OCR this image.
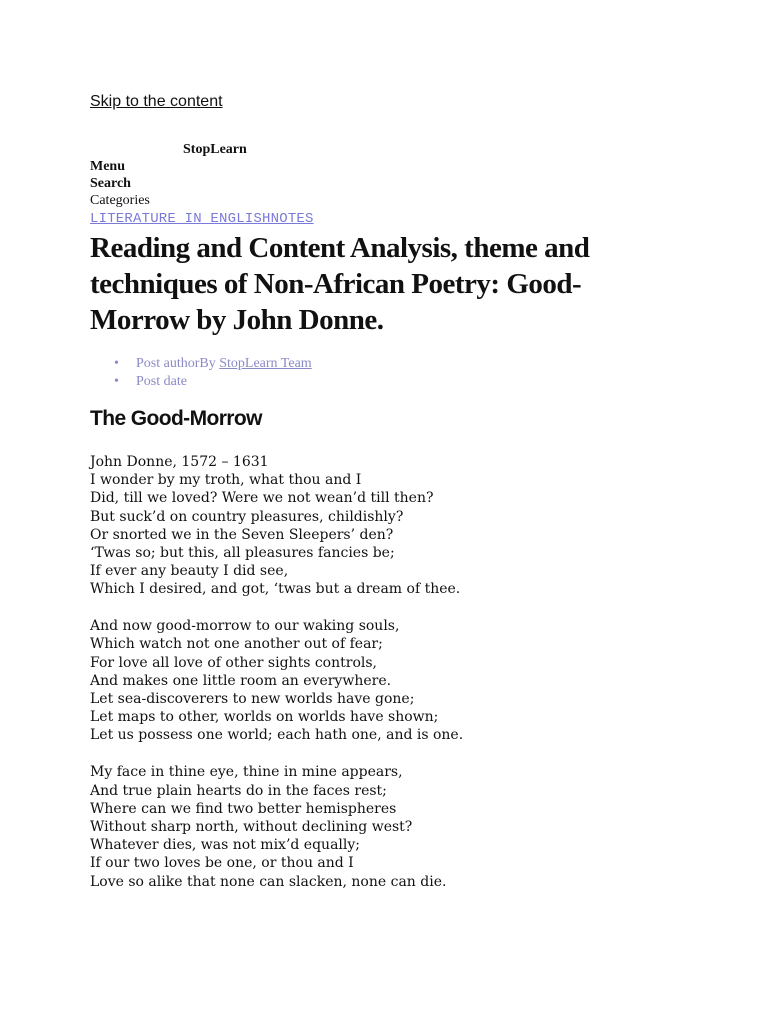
Skip to the content
StopLearn
Menu
Search
Categories
LITERATURE IN ENGLISHNOTES
Reading and Content Analysis, theme and techniques of Non-African Poetry: Good-Morrow by John Donne.
• Post authorBy StopLearn Team
• Post date
The Good-Morrow
John Donne, 1572 – 1631
I wonder by my troth, what thou and I
Did, till we loved? Were we not wean’d till then?
But suck’d on country pleasures, childishly?
Or snorted we in the Seven Sleepers’ den?
‘Twas so; but this, all pleasures fancies be;
If ever any beauty I did see,
Which I desired, and got, ‘twas but a dream of thee.
And now good-morrow to our waking souls,
Which watch not one another out of fear;
For love all love of other sights controls,
And makes one little room an everywhere.
Let sea-discoverers to new worlds have gone;
Let maps to other, worlds on worlds have shown;
Let us possess one world; each hath one, and is one.
My face in thine eye, thine in mine appears,
And true plain hearts do in the faces rest;
Where can we find two better hemispheres
Without sharp north, without declining west?
Whatever dies, was not mix’d equally;
If our two loves be one, or thou and I
Love so alike that none can slacken, none can die.
